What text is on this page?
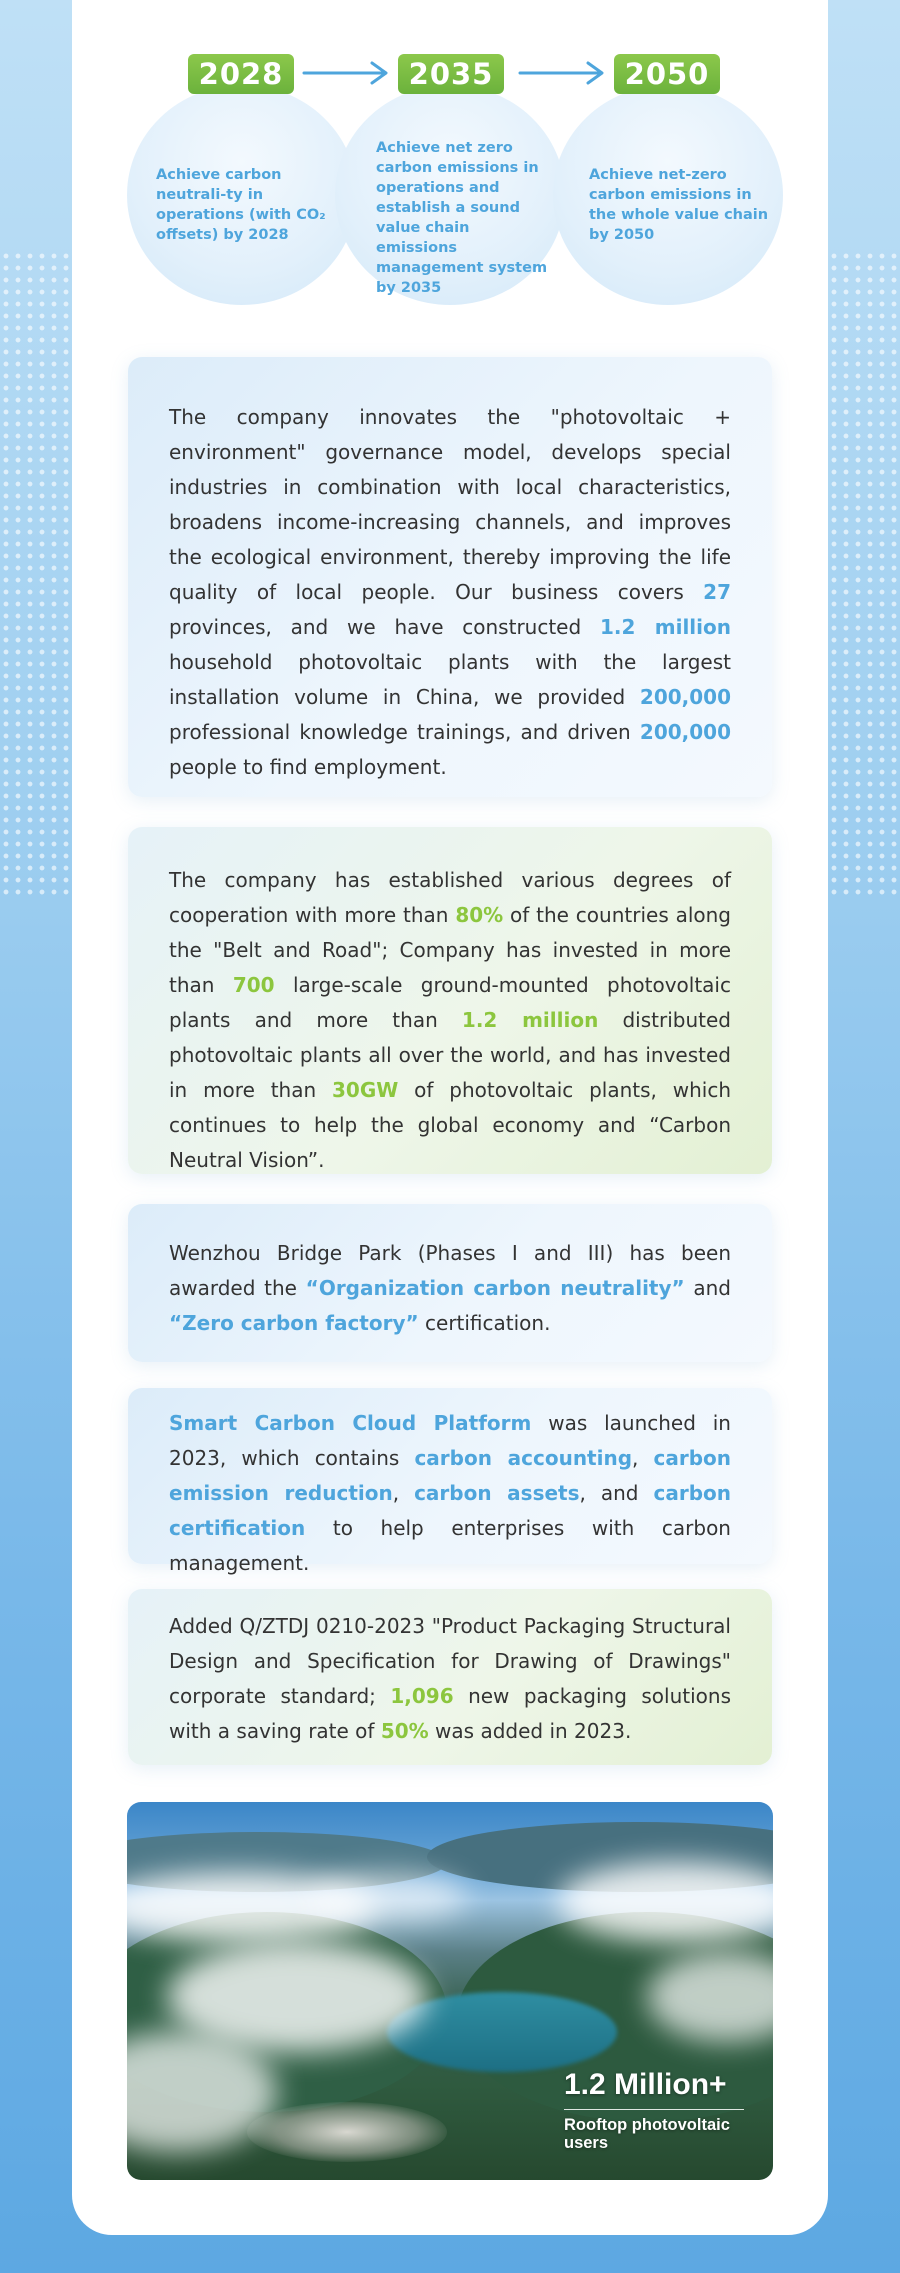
2028	2035	2050
Achieve carbon neutrali-ty in operations (with CO₂ offsets) by 2028
Achieve net zero carbon emissions in operations and establish a sound value chain emissions management system by 2035
Achieve net-zero carbon emissions in the whole value chain by 2050
The company innovates the "photovoltaic + environment" governance model, develops special industries in combination with local characteristics, broadens income-increasing channels, and improves the ecological environment, thereby improving the life quality of local people. Our business covers 27 provinces, and we have constructed 1.2 million household photovoltaic plants with the largest installation volume in China, we provided 200,000 professional knowledge trainings, and driven 200,000 people to find employment.
The company has established various degrees of cooperation with more than 80% of the countries along the "Belt and Road"; Company has invested in more than 700 large-scale ground-mounted photovoltaic plants and more than 1.2 million distributed photovoltaic plants all over the world, and has invested in more than 30GW of photovoltaic plants, which continues to help the global economy and “Carbon Neutral Vision”.
Wenzhou Bridge Park (Phases I and III) has been awarded the “Organization carbon neutrality” and “Zero carbon factory” certification.
Smart Carbon Cloud Platform was launched in 2023, which contains carbon accounting, carbon emission reduction, carbon assets, and carbon certification to help enterprises with carbon management.
Added Q/ZTDJ 0210-2023 "Product Packaging Structural Design and Specification for Drawing of Drawings" corporate standard; 1,096 new packaging solutions with a saving rate of 50% was added in 2023.
1.2 Million+
Rooftop photovoltaic users
